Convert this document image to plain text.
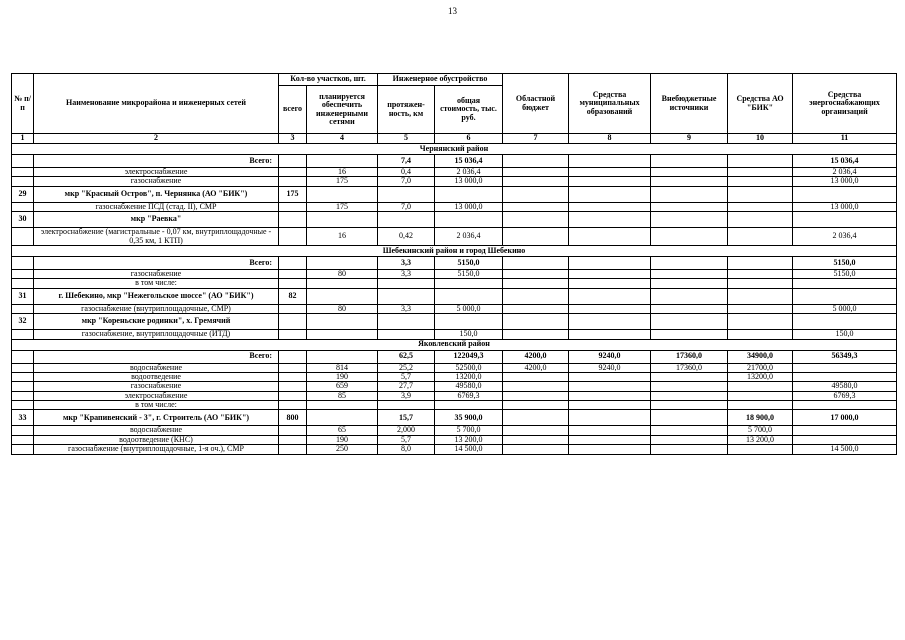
13
№ п/п	Наименование микрорайона и инженерных сетей	Кол-во участков, шт.		Инженерное обустройство		Областной бюджет	Средства муниципальных образований	Внебюджетные источники	Средства АО "БИК"	Средства энергоснабжающих организаций
		всего	планируется обеспечить инженерными сетями	протяжен-ность, км	общая стоимость, тыс. руб.					
1	2	3	4	5	6	7	8	9	10	11
Чернянский район										
	Всего:			7,4	15 036,4					15 036,4
	электроснабжение		16	0,4	2 036,4					2 036,4
	газоснабжение		175	7,0	13 000,0					13 000,0
29	мкр "Красный Остров", п. Чернянка (АО "БИК")	175								
	газоснабжение ПСД (стад. II), СМР		175	7,0	13 000,0					13 000,0
30	мкр "Раевка"									
	электроснабжение (магистральные - 0,07 км, внутриплощадочные - 0,35 км, 1 КТП)		16	0,42	2 036,4					2 036,4
Шебекинский район и город Шебекино										
	Всего:			3,3	5150,0					5150,0
	газоснабжение		80	3,3	5150,0					5150,0
	в том числе:									
31	г. Шебекино, мкр "Нежегольское шоссе" (АО "БИК")	82								
	газоснабжение (внутриплощадочные, СМР)		80	3,3	5 000,0					5 000,0
32	мкр "Кореньские родинки", х. Гремячий									
	газоснабжение, внутриплощадочные (ИТД)				150,0					150,0
Яковлевский район										
	Всего:			62,5	122049,3	4200,0	9240,0	17360,0	34900,0	56349,3
	водоснабжение		814	25,2	52500,0	4200,0	9240,0	17360,0	21700,0	
	водоотведение		190	5,7	13200,0				13200,0	
	газоснабжение		659	27,7	49580,0					49580,0
	электроснабжение		85	3,9	6769,3					6769,3
	в том числе:									
33	мкр "Крапивенский - 3", г. Строитель (АО "БИК")	800		15,7	35 900,0				18 900,0	17 000,0
	водоснабжение		65	2,000	5 700,0				5 700,0	
	водоотведение (КНС)		190	5,7	13 200,0				13 200,0	
	газоснабжение (внутриплощадочные, 1-я оч.), СМР		250	8,0	14 500,0					14 500,0
